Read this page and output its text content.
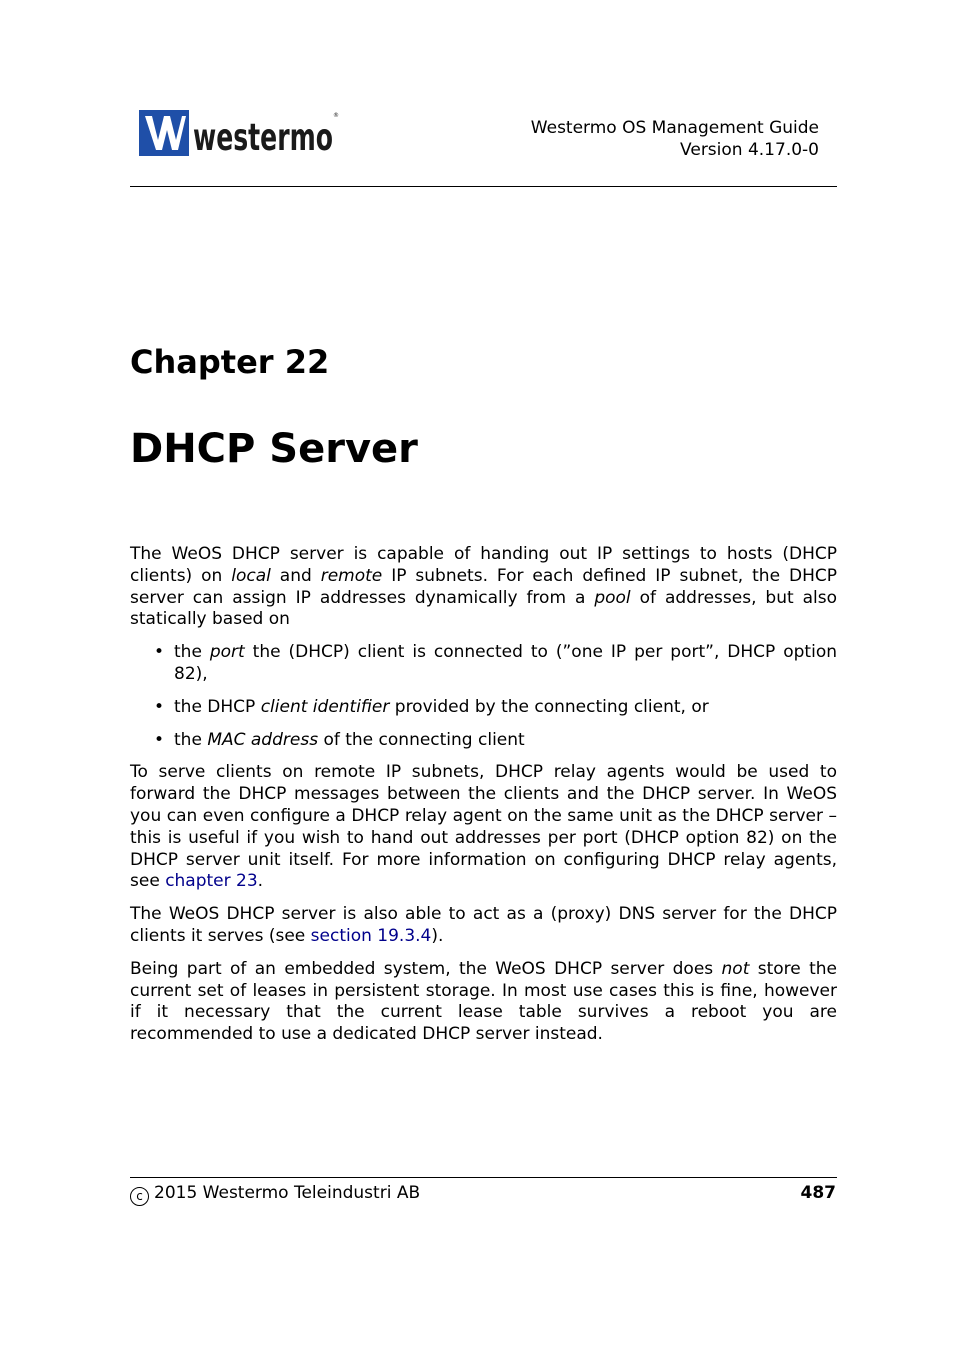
westermo
®
Westermo OS Management Guide
Version 4.17.0-0
Chapter 22
DHCP Server

The WeOS DHCP server is capable of handing out IP settings to hosts (DHCP clients) on local and remote IP subnets. For each defined IP subnet, the DHCP server can assign IP addresses dynamically from a pool of addresses, but also statically based on

• the port the (DHCP) client is connected to (”one IP per port”, DHCP option 82),
• the DHCP client identifier provided by the connecting client, or
• the MAC address of the connecting client

To serve clients on remote IP subnets, DHCP relay agents would be used to forward the DHCP messages between the clients and the DHCP server. In WeOS you can even configure a DHCP relay agent on the same unit as the DHCP server – this is useful if you wish to hand out addresses per port (DHCP option 82) on the DHCP server unit itself. For more information on configuring DHCP relay agents, see chapter 23.

The WeOS DHCP server is also able to act as a (proxy) DNS server for the DHCP clients it serves (see section 19.3.4).

Being part of an embedded system, the WeOS DHCP server does not store the current set of leases in persistent storage. In most use cases this is fine, however if it necessary that the current lease table survives a reboot you are recommended to use a dedicated DHCP server instead.

c 2015 Westermo Teleindustri AB	487
